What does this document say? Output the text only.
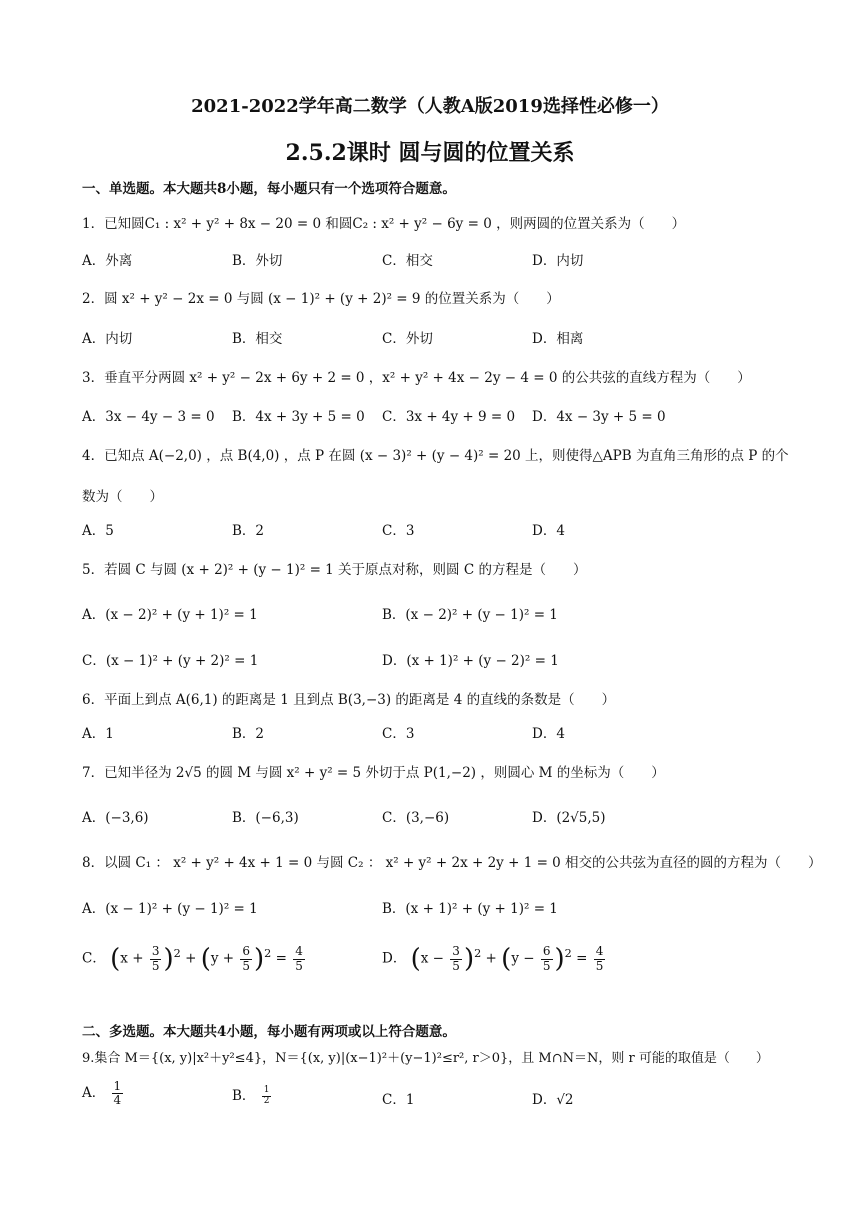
2021-2022学年高二数学（人教A版2019选择性必修一）
2.5.2课时 圆与圆的位置关系
一、单选题。本大题共8小题，每小题只有一个选项符合题意。
1．已知圆C₁ : x² + y² + 8x − 20 = 0 和圆C₂ : x² + y² − 6y = 0 ，则两圆的位置关系为（　　）
A．外离	B．外切	C．相交	D．内切
2．圆 x² + y² − 2x = 0 与圆 (x − 1)² + (y + 2)² = 9 的位置关系为（　　）
A．内切	B．相交	C．外切	D．相离
3．垂直平分两圆 x² + y² − 2x + 6y + 2 = 0 ，x² + y² + 4x − 2y − 4 = 0 的公共弦的直线方程为（　　）
A．3x − 4y − 3 = 0 B．4x + 3y + 5 = 0 C．3x + 4y + 9 = 0 D．4x − 3y + 5 = 0
4．已知点 A(−2,0) ，点 B(4,0) ，点 P 在圆 (x − 3)² + (y − 4)² = 20 上，则使得△APB 为直角三角形的点 P 的个
数为（　　）
A．5	B．2	C．3	D．4
5．若圆 C 与圆 (x + 2)² + (y − 1)² = 1 关于原点对称，则圆 C 的方程是（　　）
A．(x − 2)² + (y + 1)² = 1	B．(x − 2)² + (y − 1)² = 1
C．(x − 1)² + (y + 2)² = 1	D．(x + 1)² + (y − 2)² = 1
6．平面上到点 A(6,1) 的距离是 1 且到点 B(3,−3) 的距离是 4 的直线的条数是（　　）
A．1	B．2	C．3	D．4
7．已知半径为 2√5 的圆 M 与圆 x² + y² = 5 外切于点 P(1,−2) ，则圆心 M 的坐标为（　　）
A．(−3,6)	B．(−6,3)	C．(3,−6)	D．(2√5,5)
8．以圆 C₁ ： x² + y² + 4x + 1 = 0 与圆 C₂ ： x² + y² + 2x + 2y + 1 = 0 相交的公共弦为直径的圆的方程为（　　）
A．(x − 1)² + (y − 1)² = 1	B．(x + 1)² + (y + 1)² = 1
C． $(x + \frac{3}{5} )^2 + (y + \frac{6}{5} )^2 = \frac{4}{5}$	D． $(x - \frac{3}{5} )^2 + (y - \frac{6}{5} )^2 = \frac{4}{5}$
二、多选题。本大题共4小题，每小题有两项或以上符合题意。
9.集合 M＝{(x, y)|x²＋y²≤4}，N＝{(x, y)|(x−1)²＋(y−1)²≤r², r＞0}，且 M∩N＝N，则 r 可能的取值是（　　）
A． $\frac{1}{4}$	B． $\frac{1}{2}$	C．1	D．√2
